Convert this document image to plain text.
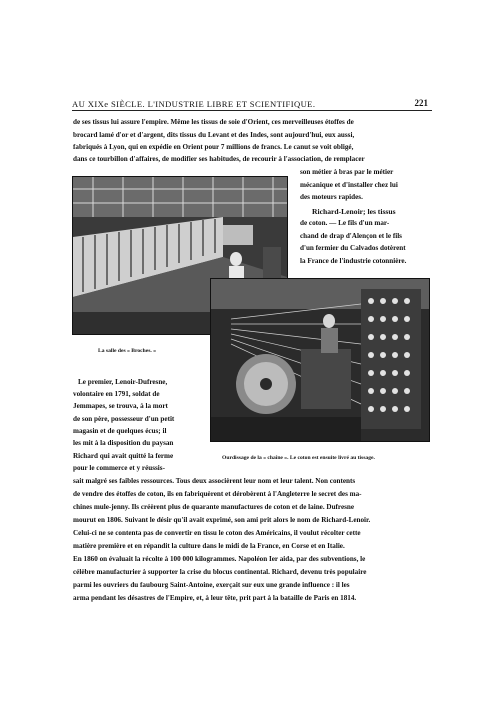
AU XIXe SIÈCLE. L'INDUSTRIE LIBRE ET SCIENTIFIQUE.	221
de ses tissus lui assure l'empire. Même les tissus de soie d'Orient, ces merveilleuses étoffes de
brocard lamé d'or et d'argent, dits tissus du Levant et des Indes, sont aujourd'hui, eux aussi,
fabriqués à Lyon, qui en expédie en Orient pour 7 millions de francs. Le canut se voit obligé,
dans ce tourbillon d'affaires, de modifier ses habitudes, de recourir à l'association, de remplacer
son métier à bras par le métier
mécanique et d'installer chez lui
des moteurs rapides.
Richard-Lenoir; les tissus
de coton. — Le fils d'un mar-
chand de drap d'Alençon et le fils
d'un fermier du Calvados dotèrent
la France de l'industrie cotonnière.
La salle des « Broches. »
Ourdissage de la « chaîne ». Le coton est ensuite livré au tissage.
Le premier, Lenoir-Dufresne,
volontaire en 1791, soldat de
Jemmapes, se trouva, à la mort
de son père, possesseur d'un petit
magasin et de quelques écus; il
les mit à la disposition du paysan
Richard qui avait quitté la ferme
pour le commerce et y réussis-
sait malgré ses faibles ressources. Tous deux associèrent leur nom et leur talent. Non contents
de vendre des étoffes de coton, ils en fabriquèrent et dérobèrent à l'Angleterre le secret des ma-
chines mule-jenny. Ils créèrent plus de quarante manufactures de coton et de laine. Dufresne
mourut en 1806. Suivant le désir qu'il avait exprimé, son ami prit alors le nom de Richard-Lenoir.
Celui-ci ne se contenta pas de convertir en tissu le coton des Américains, il voulut récolter cette
matière première et en répandit la culture dans le midi de la France, en Corse et en Italie.
En 1860 on évaluait la récolte à 100 000 kilogrammes. Napoléon Ier aida, par des subventions, le
célèbre manufacturier à supporter la crise du blocus continental. Richard, devenu très populaire
parmi les ouvriers du faubourg Saint-Antoine, exerçait sur eux une grande influence : il les
arma pendant les désastres de l'Empire, et, à leur tête, prit part à la bataille de Paris en 1814.
